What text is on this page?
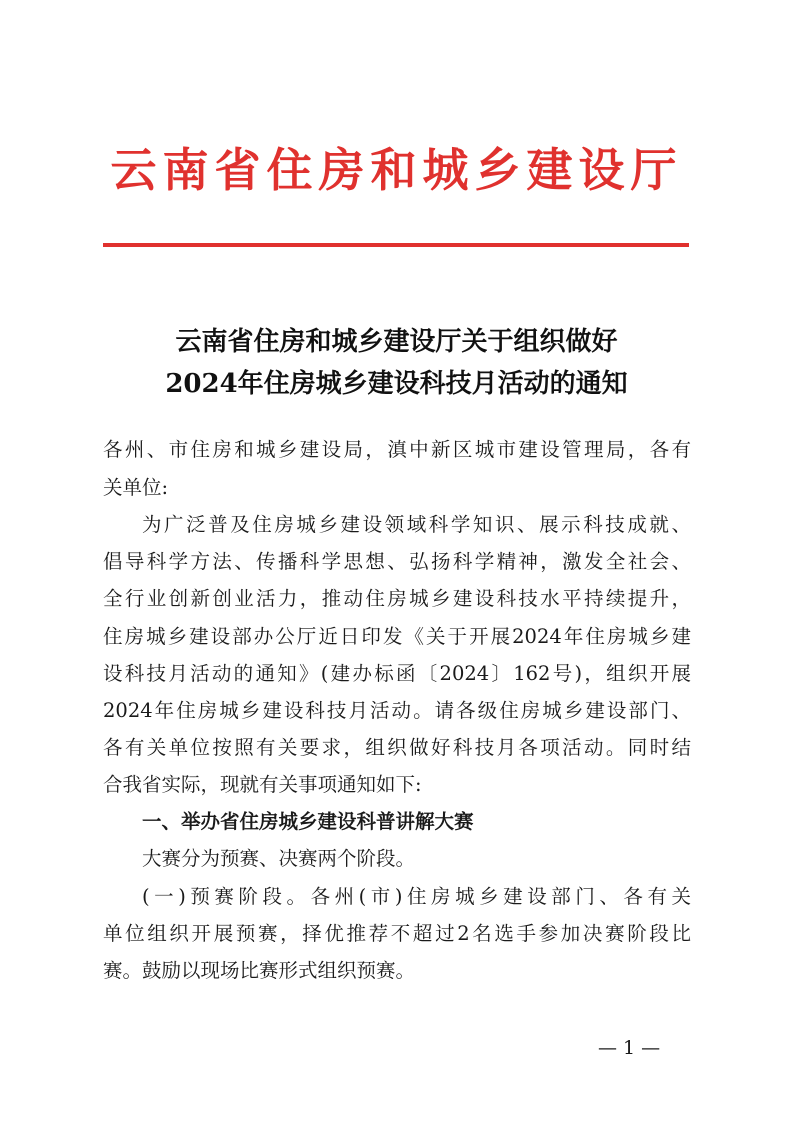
云南省住房和城乡建设厅
云南省住房和城乡建设厅关于组织做好
2024年住房城乡建设科技月活动的通知
各州、市住房和城乡建设局，滇中新区城市建设管理局，各有
关单位:
为广泛普及住房城乡建设领域科学知识、展示科技成就、
倡导科学方法、传播科学思想、弘扬科学精神，激发全社会、
全行业创新创业活力，推动住房城乡建设科技水平持续提升，
住房城乡建设部办公厅近日印发《关于开展2024年住房城乡建
设科技月活动的通知》(建办标函〔2024〕162号)，组织开展
2024年住房城乡建设科技月活动。请各级住房城乡建设部门、
各有关单位按照有关要求，组织做好科技月各项活动。同时结
合我省实际，现就有关事项通知如下:
一、举办省住房城乡建设科普讲解大赛
大赛分为预赛、决赛两个阶段。
(一)预赛阶段。各州(市)住房城乡建设部门、各有关
单位组织开展预赛，择优推荐不超过2名选手参加决赛阶段比
赛。鼓励以现场比赛形式组织预赛。
— 1 —
